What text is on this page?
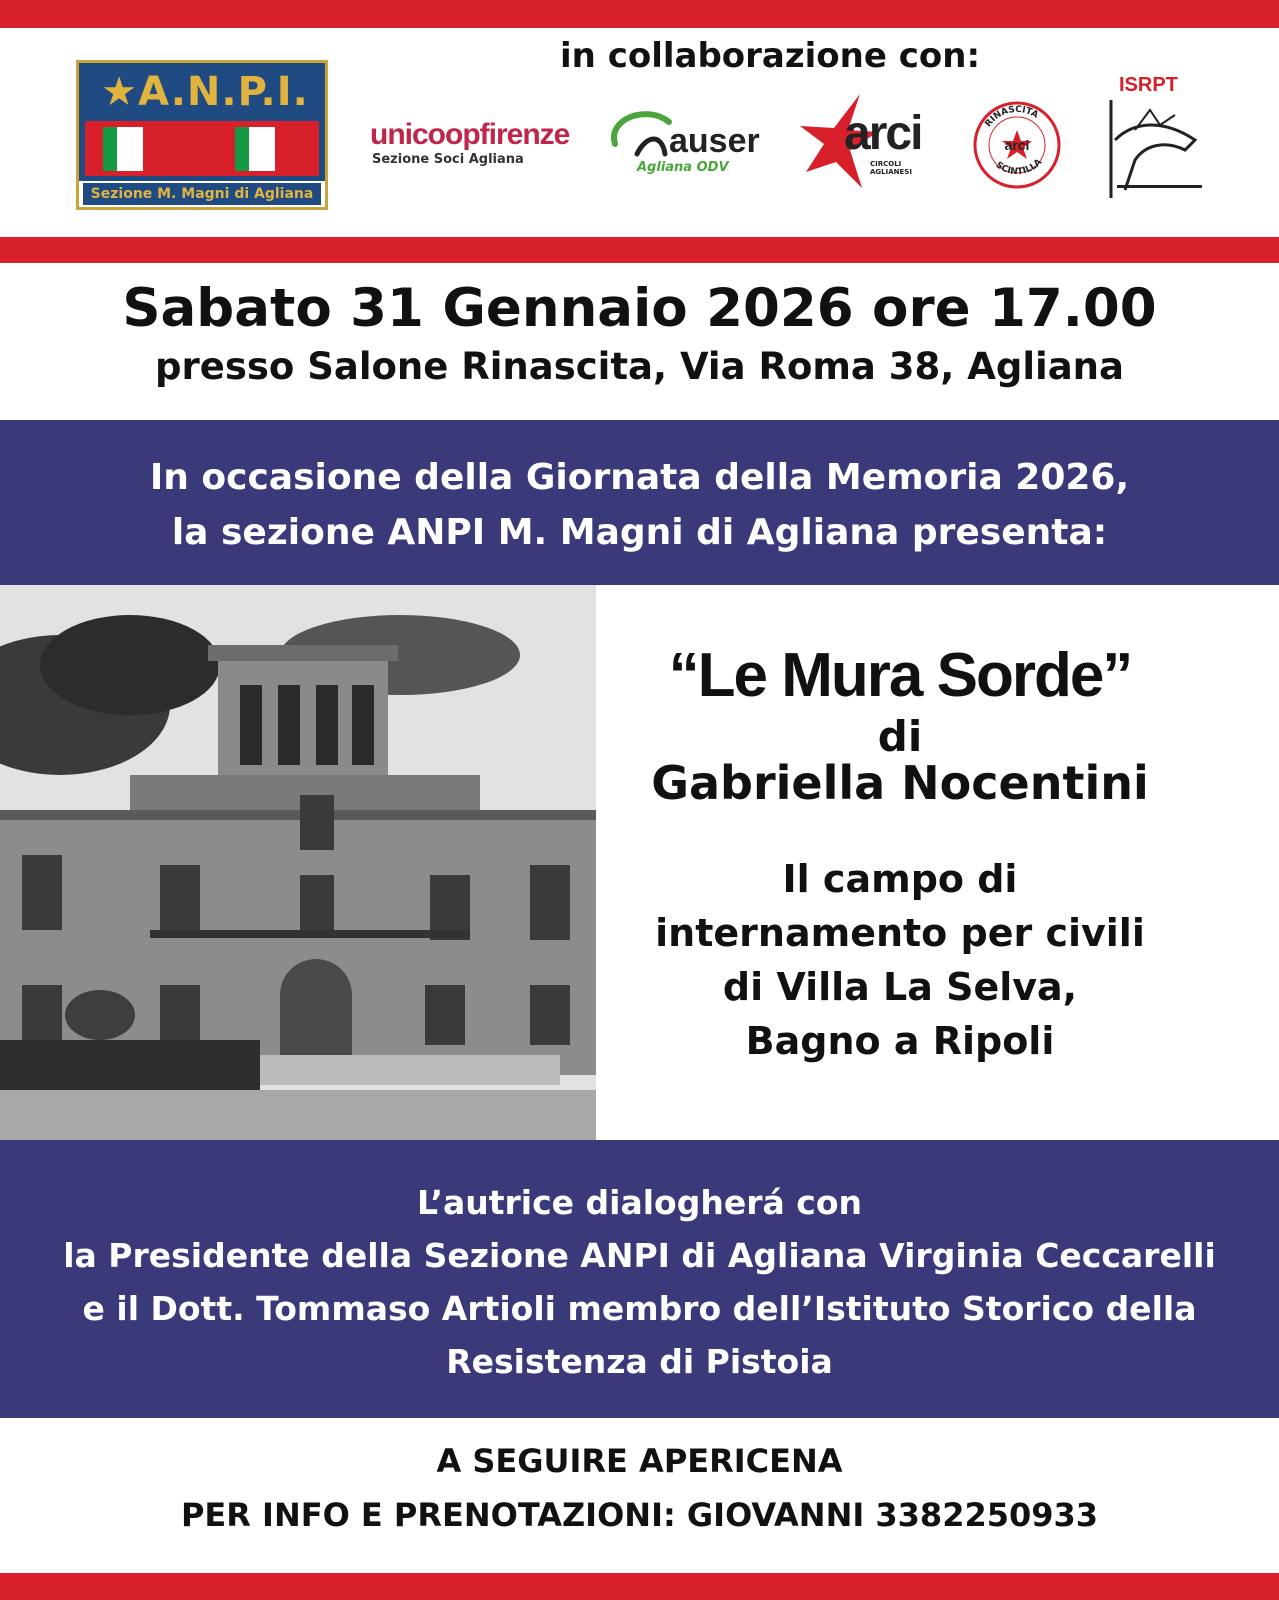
★A.N.P.I.
Sezione M. Magni di Agliana
in collaborazione con:
unicoopfirenze
Sezione Soci Agliana	auser
Agliana ODV
arci
CIRCOLI AGLIANESI
RINASCITA
SCINTILLA
arci
ISRPT
Sabato 31 Gennaio 2026 ore 17.00
presso Salone Rinascita, Via Roma 38, Agliana
In occasione della Giornata della Memoria 2026,
la sezione ANPI M. Magni di Agliana presenta:
“Le Mura Sorde”
di
Gabriella Nocentini
Il campo di
internamento per civili
di Villa La Selva,
Bagno a Ripoli
L’autrice dialogherá con
la Presidente della Sezione ANPI di Agliana Virginia Ceccarelli
e il Dott. Tommaso Artioli membro dell’Istituto Storico della
Resistenza di Pistoia
A SEGUIRE APERICENA
PER INFO E PRENOTAZIONI: GIOVANNI 3382250933
